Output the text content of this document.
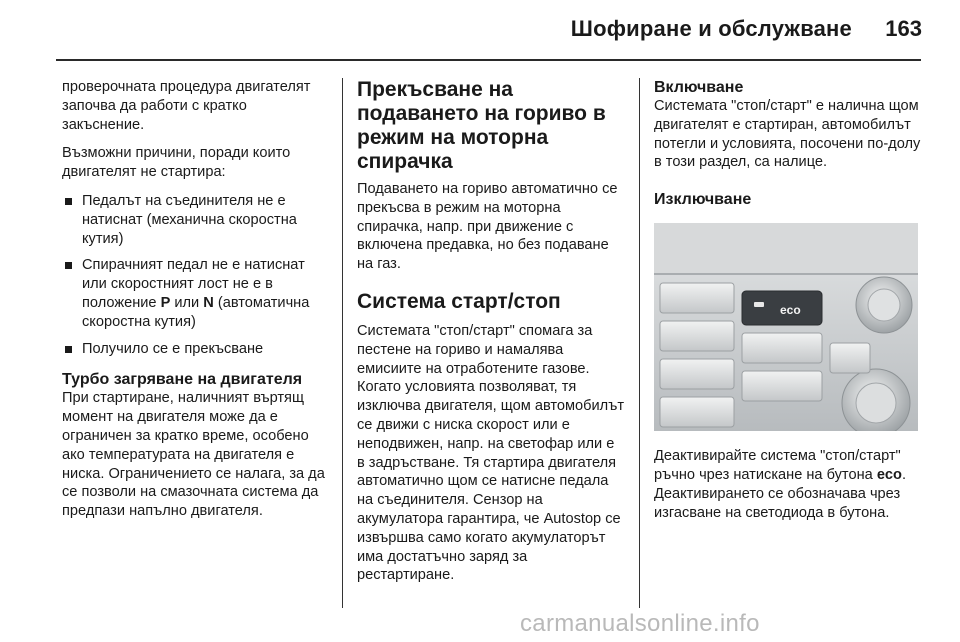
Шофиране и обслужване 163

проверочната процедура двигателят започва да работи с кратко закъснение.

Възможни причини, поради които двигателят не стартира:

Педалът на съединителя не е натиснат (механична скоростна кутия)
Спирачният педал не е натиснат или скоростният лост не е в положение P или N (автоматична скоростна кутия)
Получило се е прекъсване
Турбо загряване на двигателя

При стартиране, наличният въртящ момент на двигателя може да е ограничен за кратко време, особено ако температурата на двигателя е ниска. Ограничението се налага, за да се позволи на смазочната система да предпази напълно двигателя.

Прекъсване на подаването на гориво в режим на моторна спирачка

Подаването на гориво автоматично се прекъсва в режим на моторна спирачка, напр. при движение с включена предавка, но без подаване на газ.

Система старт/стоп

Системата "стоп/старт" спомага за пестене на гориво и намалява емисиите на отработените газове. Когато условията позволяват, тя изключва двигателя, щом автомобилът се движи с ниска скорост или е неподвижен, напр. на светофар или е в задръстване. Тя стартира двигателя автоматично щом се натисне педала на съединителя. Сензор на акумулатора гарантира, че Autostop се извършва само когато акумулаторът има достатъчно заряд за рестартиране.

Включване

Системата "стоп/старт" е налична щом двигателят е стартиран, автомобилът потегли и условията, посочени по-долу в този раздел, са налице.

Изключване
eco

Деактивирайте система "стоп/старт" ръчно чрез натискане на бутона eco. Деактивирането се обозначава чрез изгасване на светодиода в бутона.

carmanualsonline.info
